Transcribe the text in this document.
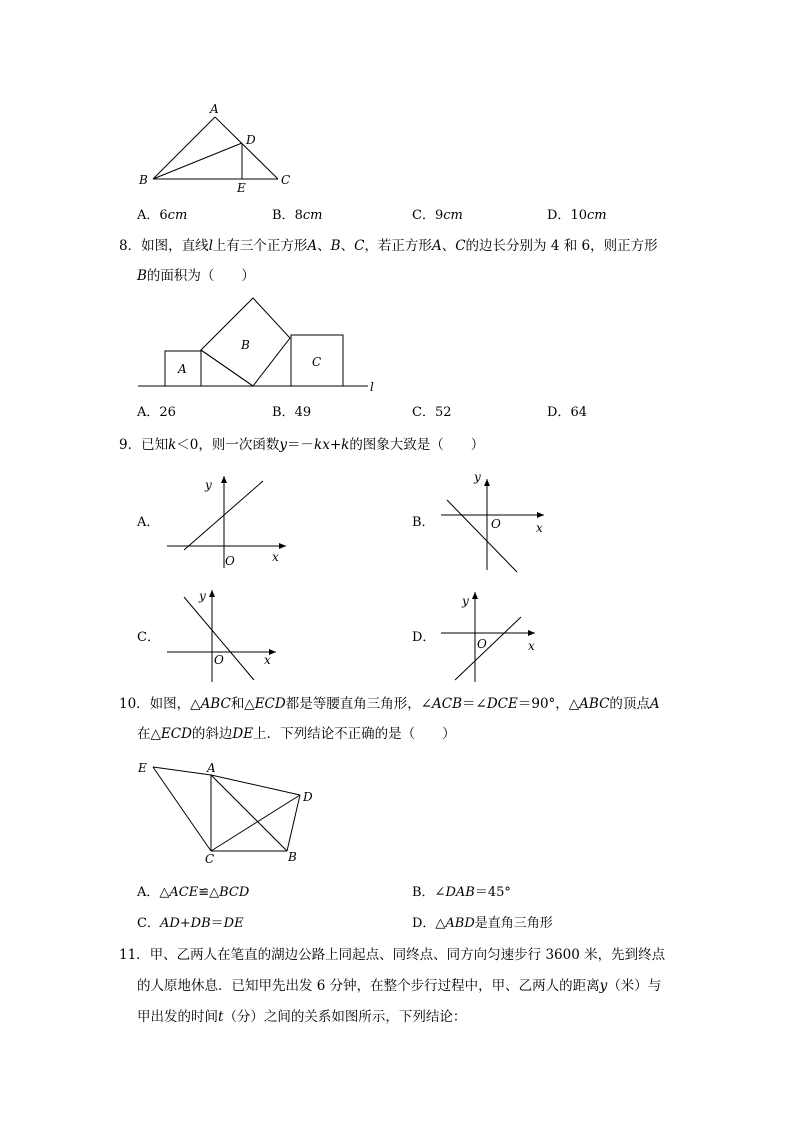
A
B	C
D
E
A．6cm	B．8cm	C．9cm	D．10cm
8．如图，直线l上有三个正方形A、B、C，若正方形A、C的边长分别为 4 和 6，则正方形
B的面积为（　　）
A
B
C
l
A．26	B．49	C．52	D．64
9．已知k＜0，则一次函数y＝－kx+k的图象大致是（　　）
A．	B．
C．	D．
x
y
O
x
y
O
x
y
O
x
y
O
10．如图，△ABC和△ECD都是等腰直角三角形，∠ACB＝∠DCE＝90°，△ABC的顶点A
在△ECD的斜边DE上．下列结论不正确的是（　　）
E	A
D
C	B
A．△ACE≌△BCD	B．∠DAB＝45°
C．AD+DB＝DE	D．△ABD是直角三角形
11．甲、乙两人在笔直的湖边公路上同起点、同终点、同方向匀速步行 3600 米，先到终点
的人原地休息．已知甲先出发 6 分钟，在整个步行过程中，甲、乙两人的距离y（米）与
甲出发的时间t（分）之间的关系如图所示，下列结论：
